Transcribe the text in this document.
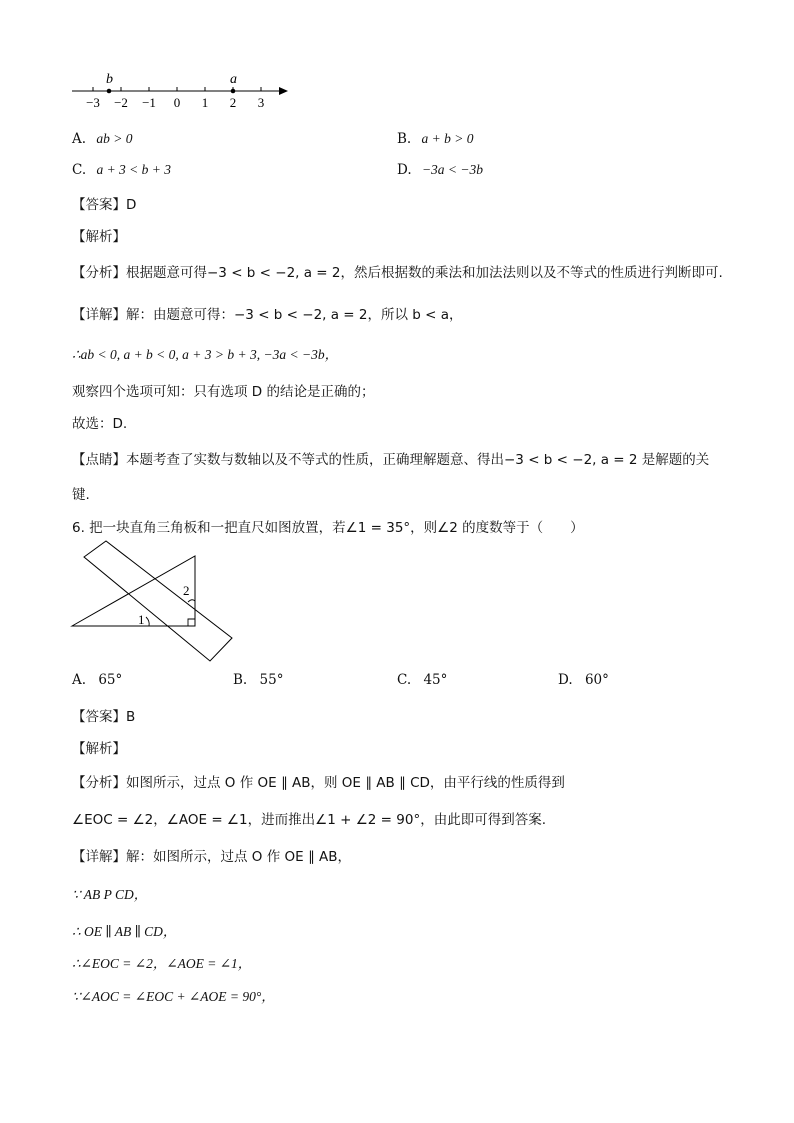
b	a
−3 −2 −1 0 1 2 3
A. ab > 0	B. a + b > 0
C. a + 3 < b + 3	D. −3a < −3b
【答案】D
【解析】
【分析】根据题意可得−3 < b < −2, a = 2，然后根据数的乘法和加法法则以及不等式的性质进行判断即可.
【详解】解：由题意可得：−3 < b < −2, a = 2，所以 b < a，
∴ab < 0, a + b < 0, a + 3 > b + 3, −3a < −3b，
观察四个选项可知：只有选项 D 的结论是正确的；
故选：D.
【点睛】本题考查了实数与数轴以及不等式的性质，正确理解题意、得出−3 < b < −2, a = 2 是解题的关
键.
6. 把一块直角三角板和一把直尺如图放置，若∠1 = 35°，则∠2 的度数等于（　　）
1
2
A. 65°	B. 55°	C. 45°	D. 60°
【答案】B
【解析】
【分析】如图所示，过点 O 作 OE ∥ AB，则 OE ∥ AB ∥ CD，由平行线的性质得到
∠EOC = ∠2，∠AOE = ∠1，进而推出∠1 + ∠2 = 90°，由此即可得到答案.
【详解】解：如图所示，过点 O 作 OE ∥ AB，
∵ AB P CD，
∴ OE ∥ AB ∥ CD，
∴∠EOC = ∠2，∠AOE = ∠1，
∵∠AOC = ∠EOC + ∠AOE = 90°，
